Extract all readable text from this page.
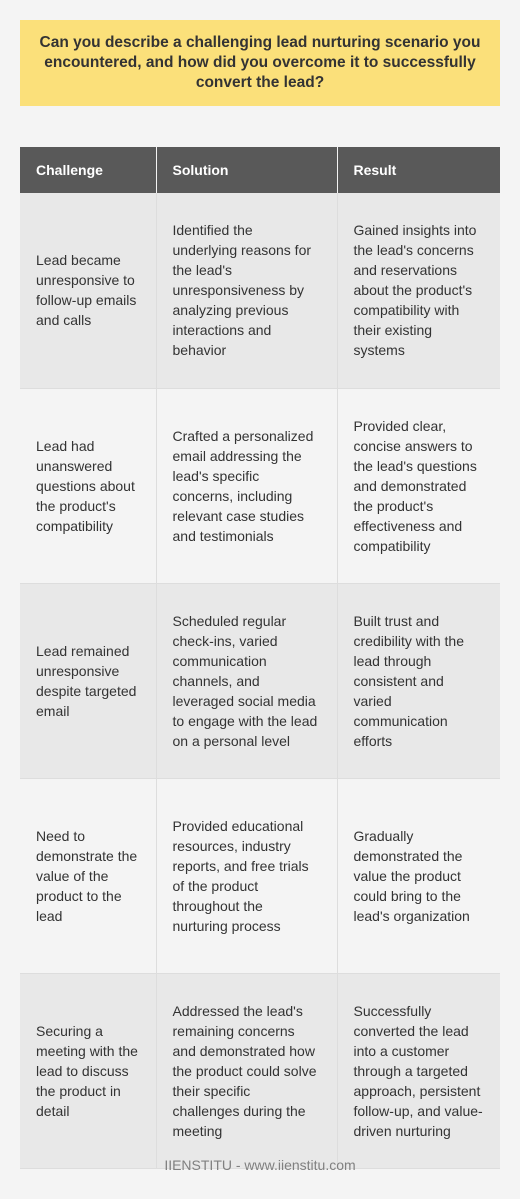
Can you describe a challenging lead nurturing scenario you encountered, and how did you overcome it to successfully convert the lead?
Challenge	Solution	Result
Lead became unresponsive to follow-up emails and calls	Identified the underlying reasons for the lead's unresponsiveness by analyzing previous interactions and behavior	Gained insights into the lead's concerns and reservations about the product's compatibility with their existing systems
Lead had unanswered questions about the product's compatibility	Crafted a personalized email addressing the lead's specific concerns, including relevant case studies and testimonials	Provided clear, concise answers to the lead's questions and demonstrated the product's effectiveness and compatibility
Lead remained unresponsive despite targeted email	Scheduled regular check-ins, varied communication channels, and leveraged social media to engage with the lead on a personal level	Built trust and credibility with the lead through consistent and varied communication efforts
Need to demonstrate the value of the product to the lead	Provided educational resources, industry reports, and free trials of the product throughout the nurturing process	Gradually demonstrated the value the product could bring to the lead's organization
Securing a meeting with the lead to discuss the product in detail	Addressed the lead's remaining concerns and demonstrated how the product could solve their specific challenges during the meeting	Successfully converted the lead into a customer through a targeted approach, persistent follow-up, and value-driven nurturing
IIENSTITU - www.iienstitu.com
